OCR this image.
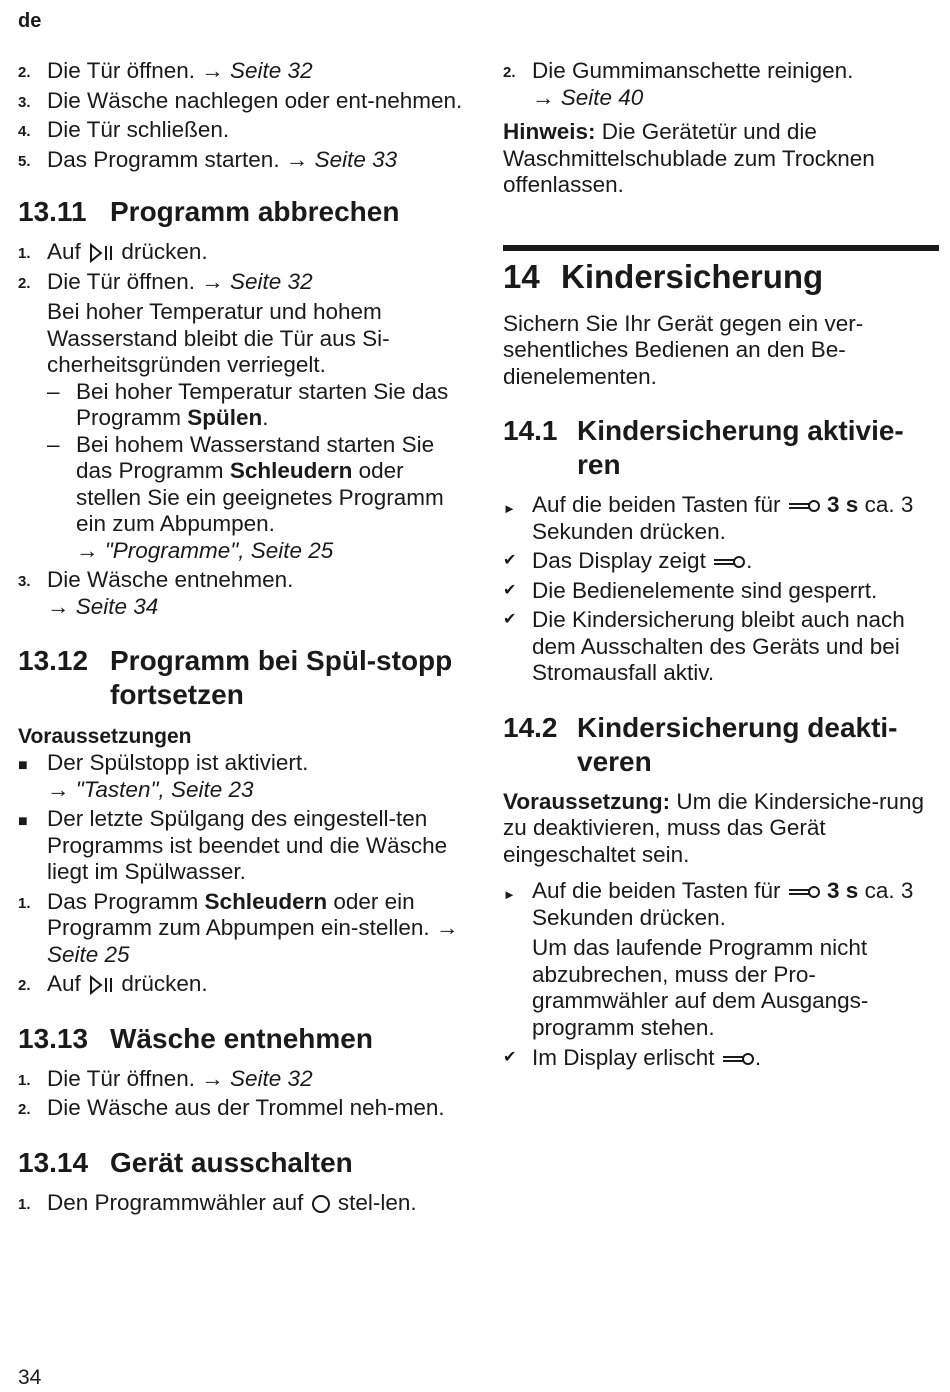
de
2. Die Tür öffnen. → Seite 32
3. Die Wäsche nachlegen oder ent-nehmen.
4. Die Tür schließen.
5. Das Programm starten. → Seite 33
13.11 Programm abbrechen
1. Auf drücken.
2. Die Tür öffnen. → Seite 32
Bei hoher Temperatur und hohem Wasserstand bleibt die Tür aus Si-cherheitsgründen verriegelt.
– Bei hoher Temperatur starten Sie das Programm Spülen.
– Bei hohem Wasserstand starten Sie das Programm Schleudern oder stellen Sie ein geeignetes Programm ein zum Abpumpen.
→ "Programme", Seite 25
3. Die Wäsche entnehmen.
→ Seite 34
13.12 Programm bei Spül-stopp fortsetzen
Voraussetzungen
■ Der Spülstopp ist aktiviert.
→ "Tasten", Seite 23
■ Der letzte Spülgang des eingestell-ten Programms ist beendet und die Wäsche liegt im Spülwasser.
1. Das Programm Schleudern oder ein Programm zum Abpumpen ein-stellen. → Seite 25
2. Auf drücken.
13.13 Wäsche entnehmen
1. Die Tür öffnen. → Seite 32
2. Die Wäsche aus der Trommel neh-men.
13.14 Gerät ausschalten
1. Den Programmwähler auf stel-len.
2. Die Gummimanschette reinigen.
→ Seite 40
Hinweis: Die Gerätetür und die Waschmittelschublade zum Trocknen offenlassen.
14 Kindersicherung
Sichern Sie Ihr Gerät gegen ein ver-sehentliches Bedienen an den Be-dienelementen.
14.1 Kindersicherung aktivie-ren
► Auf die beiden Tasten für 3 s ca. 3 Sekunden drücken.
✔ Das Display zeigt .
✔ Die Bedienelemente sind gesperrt.
✔ Die Kindersicherung bleibt auch nach dem Ausschalten des Geräts und bei Stromausfall aktiv.
14.2 Kindersicherung deakti-veren
Voraussetzung: Um die Kindersiche-rung zu deaktivieren, muss das Gerät eingeschaltet sein.
► Auf die beiden Tasten für 3 s ca. 3 Sekunden drücken.
Um das laufende Programm nicht abzubrechen, muss der Pro-grammwähler auf dem Ausgangs-programm stehen.
✔ Im Display erlischt .
34
